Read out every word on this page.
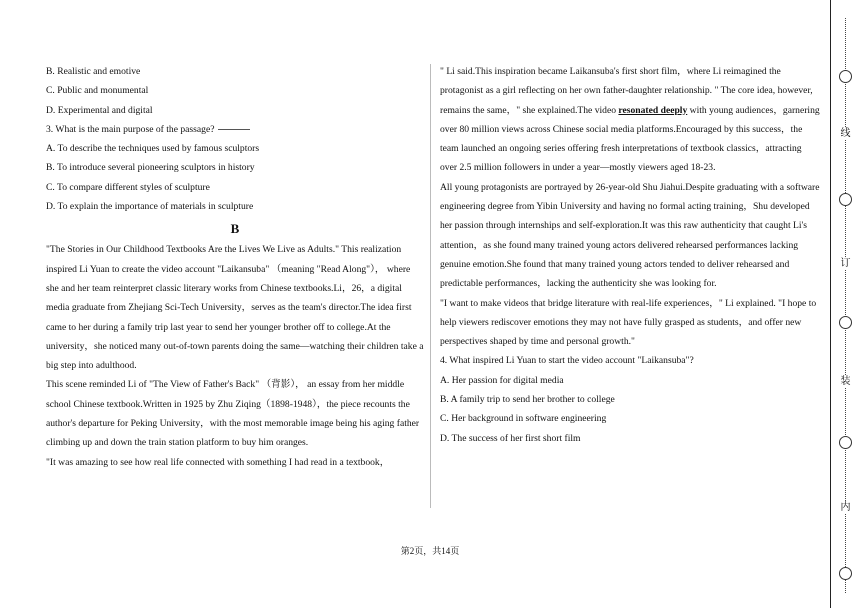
B. Realistic and emotive

C. Public and monumental

D. Experimental and digital

3. What is the main purpose of the passage?

A. To describe the techniques used by famous sculptors

B. To introduce several pioneering sculptors in history

C. To compare different styles of sculpture

D. To explain the importance of materials in sculpture

B

"The Stories in Our Childhood Textbooks Are the Lives We Live as Adults." This realization inspired Li Yuan to create the video account "Laikansuba" （meaning "Read Along"）， where she and her team reinterpret classic literary works from Chinese textbooks.Li，26，a digital media graduate from Zhejiang Sci-Tech University，serves as the team's director.The idea first came to her during a family trip last year to send her younger brother off to college.At the university，she noticed many out-of-town parents doing the same—watching their children take a big step into adulthood.

This scene reminded Li of "The View of Father's Back" （背影）， an essay from her middle school Chinese textbook.Written in 1925 by Zhu Ziqing（1898-1948），the piece recounts the author's departure for Peking University，with the most memorable image being his aging father climbing up and down the train station platform to buy him oranges.

"It was amazing to see how real life connected with something I had read in a textbook，

" Li said.This inspiration became Laikansuba's first short film，where Li reimagined the protagonist as a girl reflecting on her own father-daughter relationship. " The core idea, however, remains the same，" she explained.The video resonated deeply with young audiences，garnering over 80 million views across Chinese social media platforms.Encouraged by this success，the team launched an ongoing series offering fresh interpretations of textbook classics，attracting over 2.5 million followers in under a year—mostly viewers aged 18-23.

All young protagonists are portrayed by 26-year-old Shu Jiahui.Despite graduating with a software engineering degree from Yibin University and having no formal acting training，Shu developed her passion through internships and self-exploration.It was this raw authenticity that caught Li's attention，as she found many trained young actors delivered rehearsed performances lacking genuine emotion.She found that many trained young actors tended to deliver rehearsed and predictable performances，lacking the authenticity she was looking for.

"I want to make videos that bridge literature with real-life experiences，" Li explained. "I hope to help viewers rediscover emotions they may not have fully grasped as students，and offer new perspectives shaped by time and personal growth."

4. What inspired Li Yuan to start the video account "Laikansuba"?

A. Her passion for digital media

B. A family trip to send her brother to college

C. Her background in software engineering

D. The success of her first short film

第2页，共14页
线
订
装
内
